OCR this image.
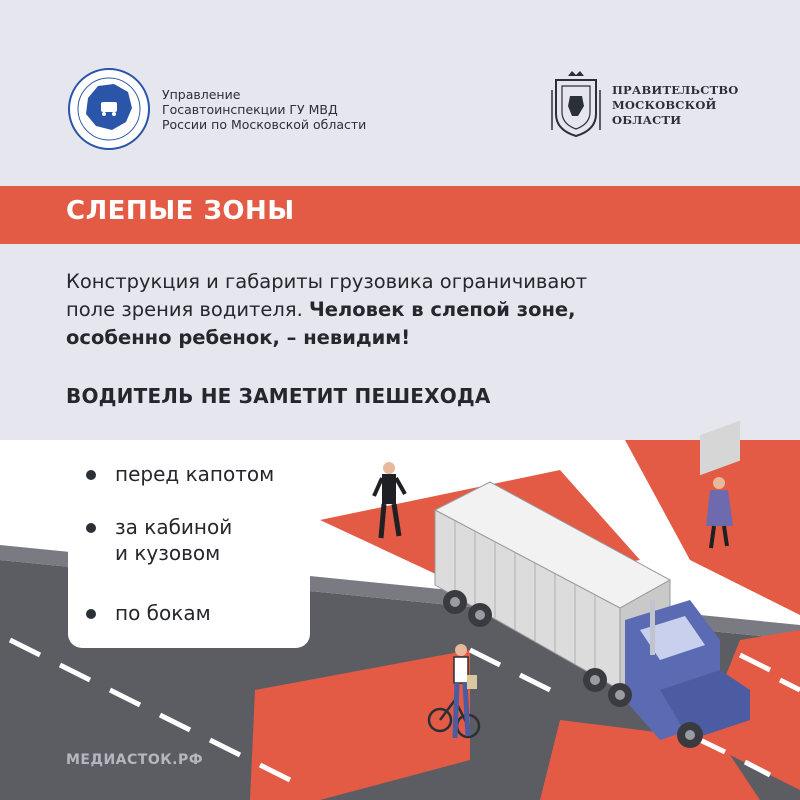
Управление
Госавтоинспекции ГУ МВД
России по Московской области
ПРАВИТЕЛЬСТВО
МОСКОВСКОЙ
ОБЛАСТИ
СЛЕПЫЕ ЗОНЫ
Конструкция и габариты грузовика ограничивают
поле зрения водителя. Человек в слепой зоне,
особенно ребенок, – невидим!
ВОДИТЕЛЬ НЕ ЗАМЕТИТ ПЕШЕХОДА
перед капотом
за кабиной
и кузовом
по бокам
МЕДИАСТОК.РФ
